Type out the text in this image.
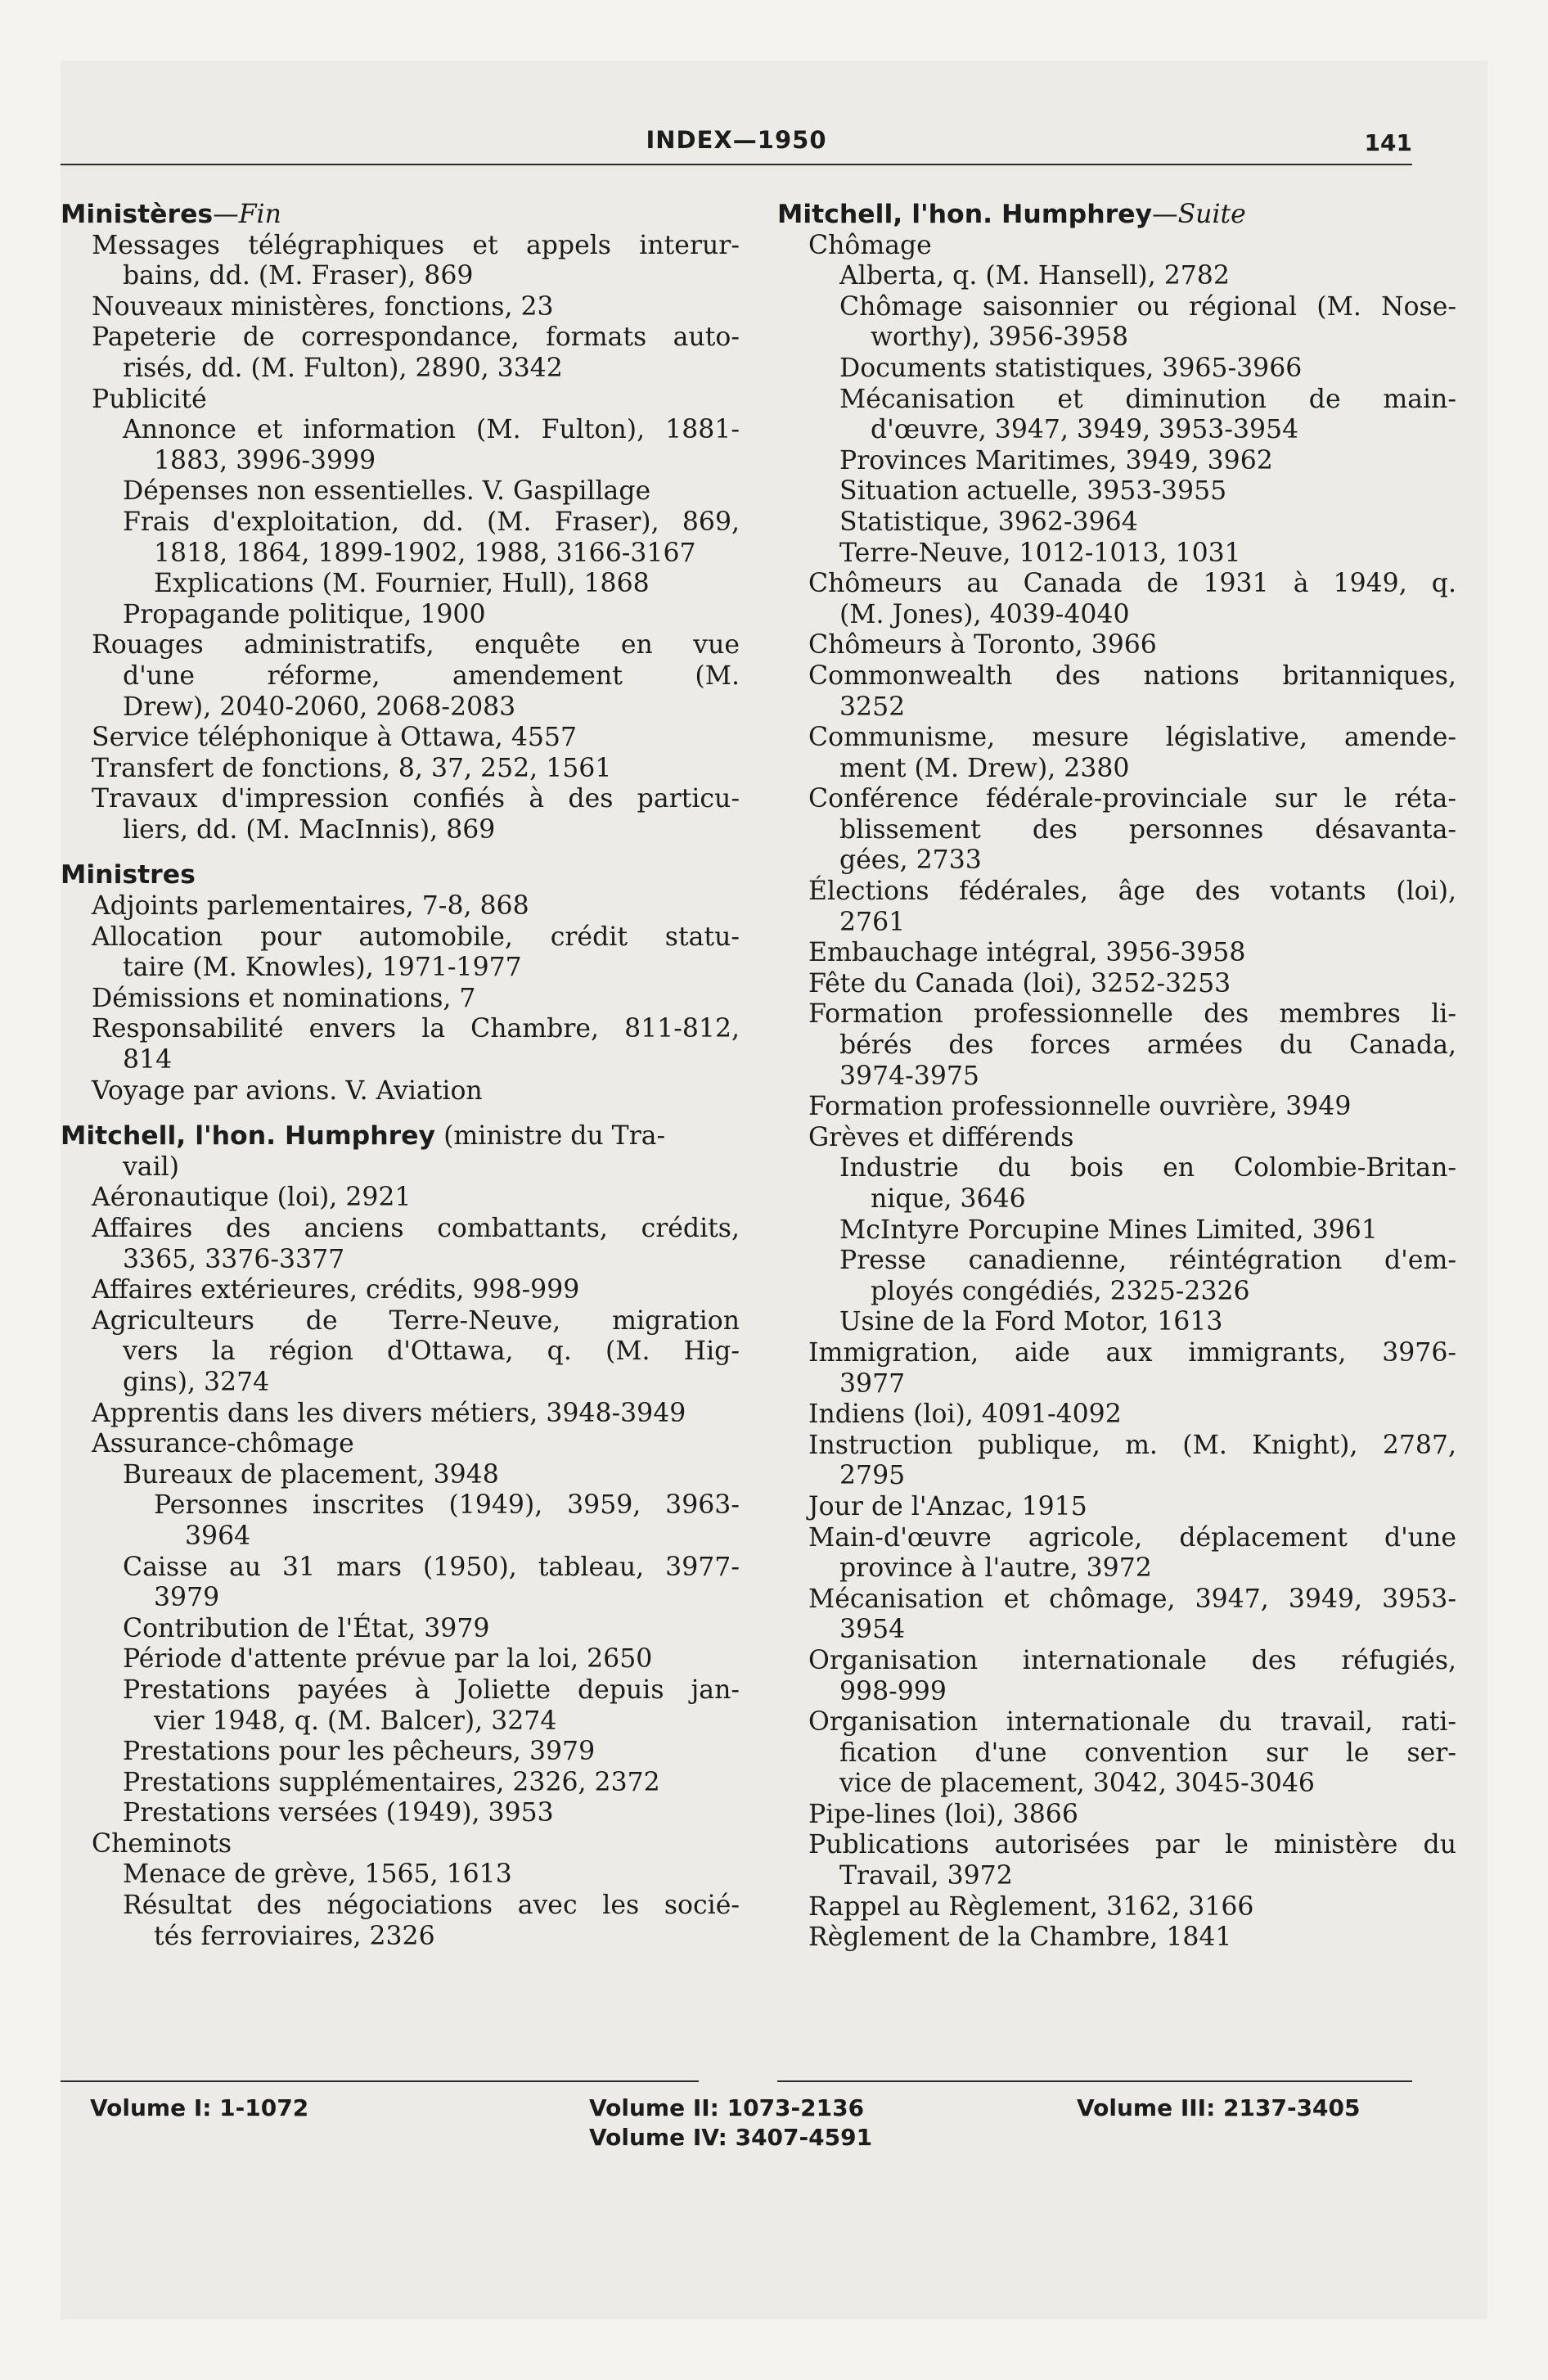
INDEX—1950	141
Ministères—Fin
Messages télégraphiques et appels interur-
bains, dd. (M. Fraser), 869
Nouveaux ministères, fonctions, 23
Papeterie de correspondance, formats auto-
risés, dd. (M. Fulton), 2890, 3342
Publicité
Annonce et information (M. Fulton), 1881-
1883, 3996-3999
Dépenses non essentielles. V. Gaspillage
Frais d'exploitation, dd. (M. Fraser), 869,
1818, 1864, 1899-1902, 1988, 3166-3167
Explications (M. Fournier, Hull), 1868
Propagande politique, 1900
Rouages administratifs, enquête en vue
d'une réforme, amendement (M.
Drew), 2040-2060, 2068-2083
Service téléphonique à Ottawa, 4557
Transfert de fonctions, 8, 37, 252, 1561
Travaux d'impression confiés à des particu-
liers, dd. (M. MacInnis), 869
Ministres
Adjoints parlementaires, 7-8, 868
Allocation pour automobile, crédit statu-
taire (M. Knowles), 1971-1977
Démissions et nominations, 7
Responsabilité envers la Chambre, 811-812,
814
Voyage par avions. V. Aviation
Mitchell, l'hon. Humphrey (ministre du Tra-
vail)
Aéronautique (loi), 2921
Affaires des anciens combattants, crédits,
3365, 3376-3377
Affaires extérieures, crédits, 998-999
Agriculteurs de Terre-Neuve, migration
vers la région d'Ottawa, q. (M. Hig-
gins), 3274
Apprentis dans les divers métiers, 3948-3949
Assurance-chômage
Bureaux de placement, 3948
Personnes inscrites (1949), 3959, 3963-
3964
Caisse au 31 mars (1950), tableau, 3977-
3979
Contribution de l'État, 3979
Période d'attente prévue par la loi, 2650
Prestations payées à Joliette depuis jan-
vier 1948, q. (M. Balcer), 3274
Prestations pour les pêcheurs, 3979
Prestations supplémentaires, 2326, 2372
Prestations versées (1949), 3953
Cheminots
Menace de grève, 1565, 1613
Résultat des négociations avec les socié-
tés ferroviaires, 2326
Mitchell, l'hon. Humphrey—Suite
Chômage
Alberta, q. (M. Hansell), 2782
Chômage saisonnier ou régional (M. Nose-
worthy), 3956-3958
Documents statistiques, 3965-3966
Mécanisation et diminution de main-
d'œuvre, 3947, 3949, 3953-3954
Provinces Maritimes, 3949, 3962
Situation actuelle, 3953-3955
Statistique, 3962-3964
Terre-Neuve, 1012-1013, 1031
Chômeurs au Canada de 1931 à 1949, q.
(M. Jones), 4039-4040
Chômeurs à Toronto, 3966
Commonwealth des nations britanniques,
3252
Communisme, mesure législative, amende-
ment (M. Drew), 2380
Conférence fédérale-provinciale sur le réta-
blissement des personnes désavanta-
gées, 2733
Élections fédérales, âge des votants (loi),
2761
Embauchage intégral, 3956-3958
Fête du Canada (loi), 3252-3253
Formation professionnelle des membres li-
bérés des forces armées du Canada,
3974-3975
Formation professionnelle ouvrière, 3949
Grèves et différends
Industrie du bois en Colombie-Britan-
nique, 3646
McIntyre Porcupine Mines Limited, 3961
Presse canadienne, réintégration d'em-
ployés congédiés, 2325-2326
Usine de la Ford Motor, 1613
Immigration, aide aux immigrants, 3976-
3977
Indiens (loi), 4091-4092
Instruction publique, m. (M. Knight), 2787,
2795
Jour de l'Anzac, 1915
Main-d'œuvre agricole, déplacement d'une
province à l'autre, 3972
Mécanisation et chômage, 3947, 3949, 3953-
3954
Organisation internationale des réfugiés,
998-999
Organisation internationale du travail, rati-
fication d'une convention sur le ser-
vice de placement, 3042, 3045-3046
Pipe-lines (loi), 3866
Publications autorisées par le ministère du
Travail, 3972
Rappel au Règlement, 3162, 3166
Règlement de la Chambre, 1841
Volume I: 1-1072	Volume II: 1073-2136
Volume IV: 3407-4591
Volume III: 2137-3405
